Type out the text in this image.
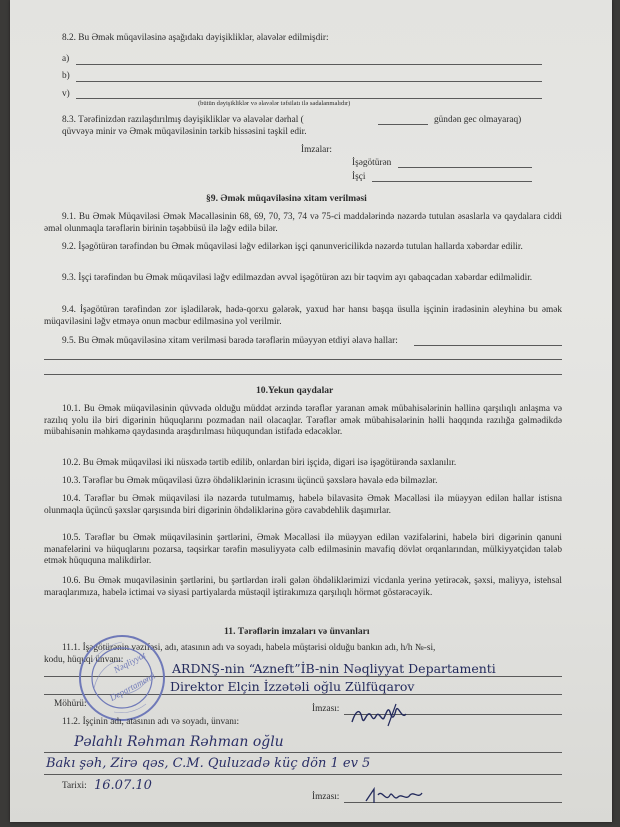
8.2. Bu Əmək müqaviləsinə aşağıdakı dəyişikliklər, əlavələr edilmişdir:
a)
b)
v)
(bütün dəyişikliklər və əlavələr təfsilatı ilə sadalanmalıdır)
8.3. Tərəfinizdən razılaşdırılmış dəyişikliklər və əlavələr dərhal (	gündən gec olmayaraq)
qüvvəyə minir və Əmək müqaviləsinin tərkib hissəsini təşkil edir.
İmzalar:
İşəgötürən
İşçi
§9. Əmək müqaviləsinə xitam verilməsi
9.1. Bu Əmək Müqaviləsi Əmək Məcəlləsinin 68, 69, 70, 73, 74 və 75-ci maddələrində nəzərdə tutulan əsaslarla və qaydalara ciddi əməl olunmaqla tərəflərin birinin təşəbbüsü ilə ləğv edilə bilər.
9.2. İşəgötürən tərəfindən bu Əmək müqaviləsi ləğv edilərkən işçi qanunvericilikdə nəzərdə tutulan hallarda xəbərdar edilir.
9.3. İşçi tərəfindən bu Əmək müqaviləsi ləğv edilməzdən əvvəl işəgötürən azı bir təqvim ayı qabaqcadan xəbərdar edilməlidir.
9.4. İşəgötürən tərəfindən zor işlədilərək, hədə-qorxu gələrək, yaxud hər hansı başqa üsulla işçinin iradəsinin əleyhinə bu əmək müqaviləsini ləğv etməyə onun məcbur edilməsinə yol verilmir.
9.5. Bu Əmək müqaviləsinə xitam verilməsi barədə tərəflərin müəyyən etdiyi əlavə hallar:
10.Yekun qaydalar
10.1. Bu Əmək müqaviləsinin qüvvədə olduğu müddət ərzində tərəflər yaranan əmək mübahisələrinin həllinə qarşılıqlı anlaşma və razılıq yolu ilə biri digərinin hüquqlarını pozmadan nail olacaqlar. Tərəflər əmək mübahisələrinin həlli haqqında razılığa gəlmədikdə mübahisənin məhkəmə qaydasında araşdırılması hüququndan istifadə edəcəklər.
10.2. Bu Əmək müqaviləsi iki nüsxədə tərtib edilib, onlardan biri işçidə, digəri isə işəgötürəndə saxlanılır.
10.3. Tərəflər bu Əmək müqaviləsi üzrə öhdəliklərinin icrasını üçüncü şəxslərə həvalə edə bilməzlər.
10.4. Tərəflər bu Əmək müqaviləsi ilə nəzərdə tutulmamış, habelə bilavasitə Əmək Məcəlləsi ilə müəyyən edilən hallar istisna olunmaqla üçüncü şəxslər qarşısında biri digərinin öhdəliklərinə görə cavabdehlik daşımırlar.
10.5. Tərəflər bu Əmək müqaviləsinin şərtlərini, Əmək Məcəlləsi ilə müəyyən edilən vəzifələrini, habelə biri digərinin qanuni mənafelərini və hüquqlarını pozarsa, təqsirkar tərəfin məsuliyyətə cəlb edilməsinin mavafiq dövlət orqanlarından, mülkiyyətçidən tələb etmək hüququna malikdirlər.
10.6. Bu Əmək muqaviləsinin şərtlərini, bu şərtlərdən irəli gələn öhdəliklərimizi vicdanla yerinə yetirəcək, şəxsi, maliyyə, istehsal maraqlarımıza, habelə ictimai və siyasi partiyalarda müstəqil iştirakımıza qarşılıqlı hörmət göstərəcəyik.
11. Tərəflərin imzaları və ünvanları
11.1. İşəgötürənin vəzifəsi, adı, atasının adı və soyadı, habelə müştərisi olduğu bankın adı, h/h №-si,
kodu, hüquqi ünvanı:
ARDNŞ-nin “Azneft”İB-nin Nəqliyyat Departamenti
Direktor Elçin İzzətəli oğlu Zülfüqarov
Möhürü:	İmzası:
Nəqliyyat
Departamenti
11.2. İşçinin adı, atasının adı və soyadı, ünvanı:
Pəlahlı Rəhman Rəhman oğlu
Bakı şəh, Zirə qəs, C.M. Quluzadə küç dön 1 ev 5
Tarixi: 16.07.10
İmzası:
